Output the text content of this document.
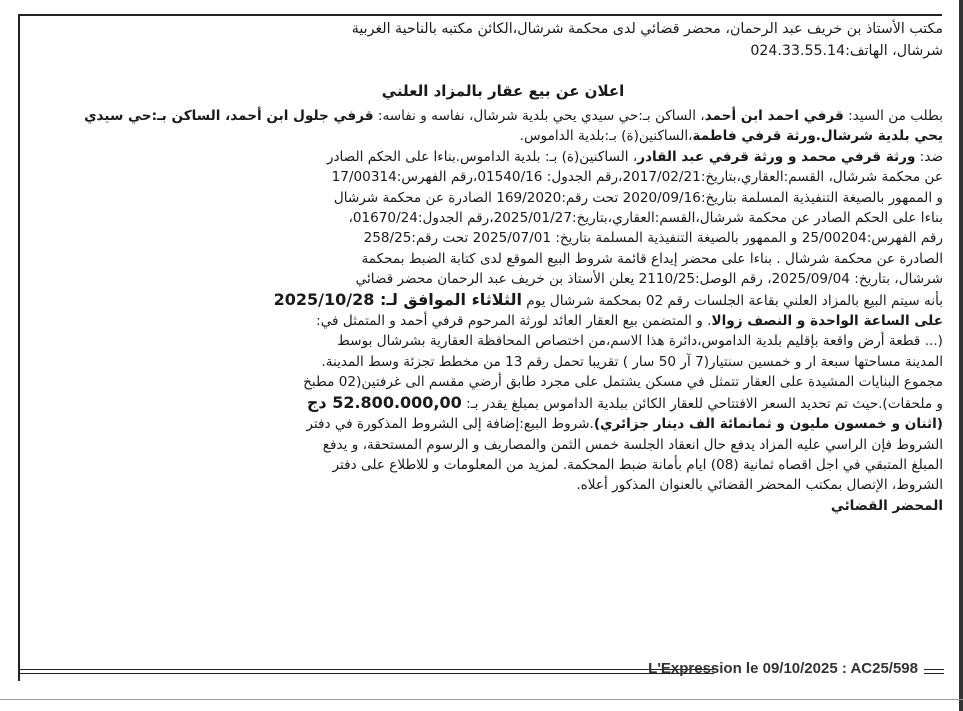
مكتب الأستاذ بن خريف عبد الرحمان، محضر قضائي لدى محكمة شرشال،الكائن مكتبه بالناحية الغربية

شرشال، الهاتف:024.33.55.14

اعلان عن بيع عقار بالمزاد العلني

بطلب من السيد: قرفي احمد ابن أحمد، الساكن بـ:حي سيدي يحي بلدية شرشال، نفاسه و نفاسه: قرفي جلول ابن أحمد، الساكن بـ:حي سيدي يحي بلدية شرشال.ورثة قرفي فاطمة،الساكنين(ة) بـ:بلدية الداموس.

ضد: ورثة قرفي محمد و ورثة قرفي عبد القادر، الساكنين(ة) بـ: بلدية الداموس.بناءا على الحكم الصادر

عن محكمة شرشال، القسم:العقاري،بتاريخ:2017/02/21،رقم الجدول: 01540/16،رقم الفهرس:17/00314

و الممهور بالصيغة التنفيذية المسلمة بتاريخ:2020/09/16 تحت رقم:169/2020 الصادرة عن محكمة شرشال

بناءا على الحكم الصادر عن محكمة شرشال،القسم:العقاري،بتاريخ:2025/01/27،رقم الجدول:01670/24،

رقم الفهرس:25/00204 و الممهور بالصيغة التنفيذية المسلمة بتاريخ: 2025/07/01 تحت رقم:258/25

الصادرة عن محكمة شرشال . بناءا على محضر إيداع قائمة شروط البيع الموقع لدى كتابة الضبط بمحكمة

شرشال، بتاريخ: 2025/09/04، رقم الوصل:2110/25 يعلن الأستاذ بن خريف عبد الرحمان محضر قضائي

بأنه سيتم البيع بالمزاد العلني بقاعة الجلسات رقم 02 بمحكمة شرشال يوم الثلاثاء الموافق لـ: 2025/10/28

على الساعة الواحدة و النصف زوالا. و المتضمن بيع العقار العائد لورثة المرحوم قرفي أحمد و المتمثل في:

(... قطعة أرض واقعة بإقليم بلدية الداموس،دائرة هذا الاسم،من اختصاص المحافظة العقارية بشرشال بوسط

المدينة مساحتها سبعة ار و خمسين سنتيار(7 آر 50 سار ) تقريبا تحمل رقم 13 من مخطط تجزئة وسط المدينة.

مجموع البنايات المشيدة على العقار تتمثل في مسكن يشتمل على مجرد طابق أرضي مقسم الى غرفتين(02 مطبخ

و ملحقات).حيث تم تحديد السعر الافتتاحي للعقار الكائن ببلدية الداموس بمبلغ يقدر بـ: 52.800.000,00 دج

(اثنان و خمسون مليون و ثمانمائة الف دينار جزائري).شروط البيع:إضافة إلى الشروط المذكورة في دفتر

الشروط فإن الراسي عليه المزاد يدفع حال انعقاد الجلسة خمس الثمن والمصاريف و الرسوم المستحقة، و يدفع

المبلغ المتبقي في اجل اقصاه ثمانية (08) ايام بأمانة ضبط المحكمة. لمزيد من المعلومات و للاطلاع على دفتر

الشروط، الإتصال بمكتب المحضر القضائي بالعنوان المذكور أعلاه.

المحضر القضائي

L'Expression le 09/10/2025 : AC25/598
